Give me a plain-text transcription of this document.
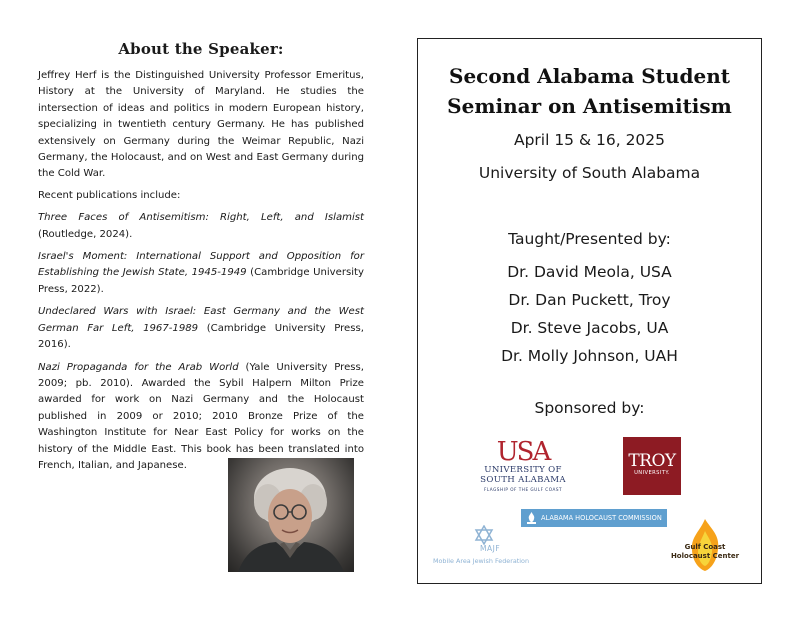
About the Speaker:

Jeffrey Herf is the Distinguished University Professor Emeritus, History at the University of Maryland. He studies the intersection of ideas and politics in modern European history, specializing in twentieth century Germany. He has published extensively on Germany during the Weimar Republic, Nazi Germany, the Holocaust, and on West and East Germany during the Cold War.

Recent publications include:

Three Faces of Antisemitism: Right, Left, and Islamist (Routledge, 2024).

Israel's Moment: International Support and Opposition for Establishing the Jewish State, 1945-1949 (Cambridge University Press, 2022).

Undeclared Wars with Israel: East Germany and the West German Far Left, 1967-1989 (Cambridge University Press, 2016).

Nazi Propaganda for the Arab World (Yale University Press, 2009; pb. 2010). Awarded the Sybil Halpern Milton Prize awarded for work on Nazi Germany and the Holocaust published in 2009 or 2010; 2010 Bronze Prize of the Washington Institute for Near East Policy for works on the history of the Middle East. This book has been translated into French, Italian, and Japanese.

Second Alabama Student
Seminar on Antisemitism
April 15 & 16, 2025
University of South Alabama
Taught/Presented by:
Dr. David Meola, USA
Dr. Dan Puckett, Troy
Dr. Steve Jacobs, UA
Dr. Molly Johnson, UAH
Sponsored by:
USA
UNIVERSITY OF
SOUTH ALABAMA
FLAGSHIP OF THE GULF COAST
TROY
UNIVERSITY.
ALABAMA HOLOCAUST COMMISSION
MAJF
Mobile Area Jewish Federation
Gulf Coast
Holocaust Center
